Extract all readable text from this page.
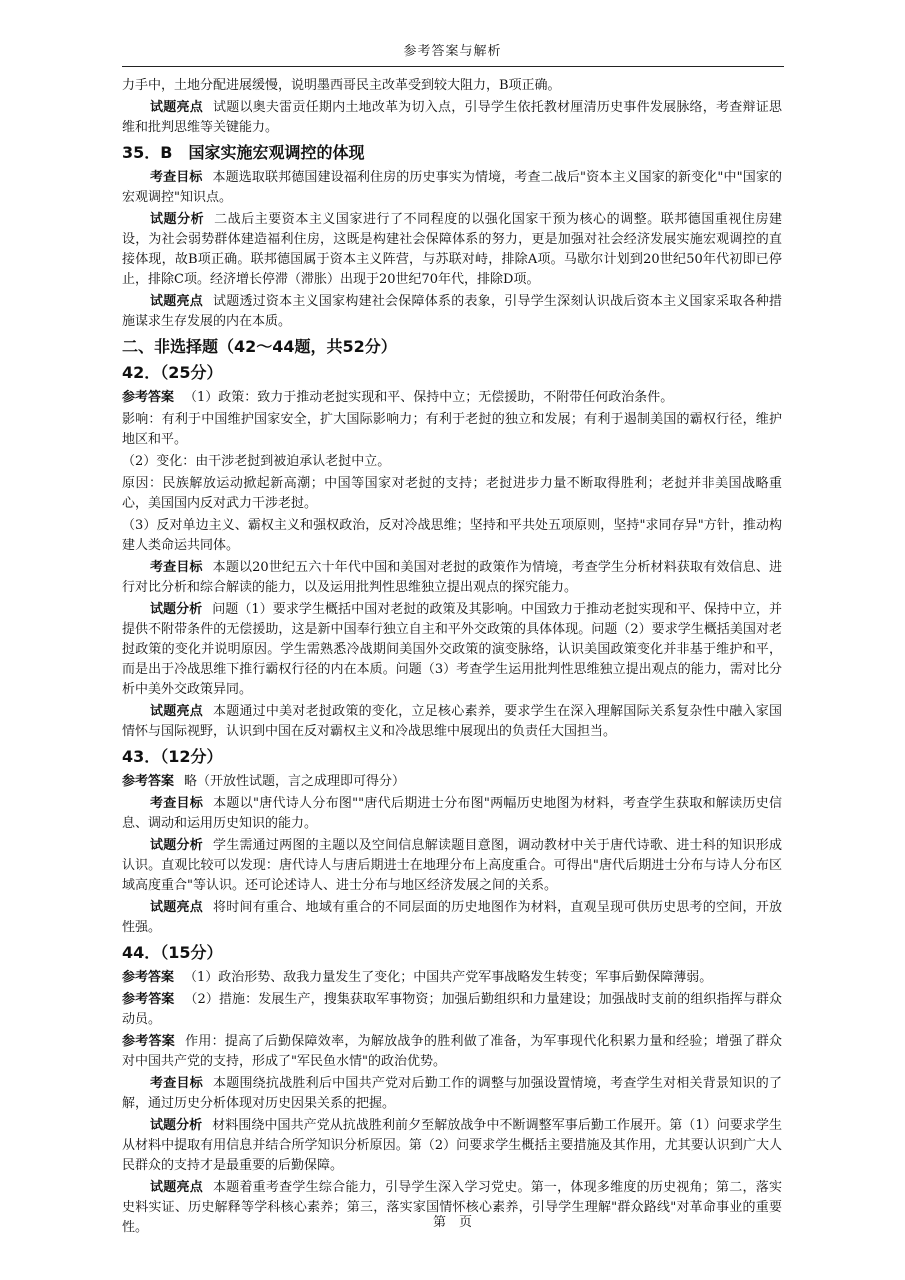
参考答案与解析

力手中，土地分配进展缓慢，说明墨西哥民主改革受到较大阻力，B项正确。

试题亮点 试题以奥夫雷贡任期内土地改革为切入点，引导学生依托教材厘清历史事件发展脉络，考查辩证思维和批判思维等关键能力。

35．B　国家实施宏观调控的体现

考查目标 本题选取联邦德国建设福利住房的历史事实为情境，考查二战后"资本主义国家的新变化"中"国家的宏观调控"知识点。

试题分析 二战后主要资本主义国家进行了不同程度的以强化国家干预为核心的调整。联邦德国重视住房建设，为社会弱势群体建造福利住房，这既是构建社会保障体系的努力，更是加强对社会经济发展实施宏观调控的直接体现，故B项正确。联邦德国属于资本主义阵营，与苏联对峙，排除A项。马歇尔计划到20世纪50年代初即已停止，排除C项。经济增长停滞（滞胀）出现于20世纪70年代，排除D项。

试题亮点 试题透过资本主义国家构建社会保障体系的表象，引导学生深刻认识战后资本主义国家采取各种措施谋求生存发展的内在本质。

二、非选择题（42～44题，共52分）
42．（25分）

参考答案 （1）政策：致力于推动老挝实现和平、保持中立；无偿援助，不附带任何政治条件。

影响：有利于中国维护国家安全，扩大国际影响力；有利于老挝的独立和发展；有利于遏制美国的霸权行径，维护地区和平。

（2）变化：由干涉老挝到被迫承认老挝中立。

原因：民族解放运动掀起新高潮；中国等国家对老挝的支持；老挝进步力量不断取得胜利；老挝并非美国战略重心，美国国内反对武力干涉老挝。

（3）反对单边主义、霸权主义和强权政治，反对冷战思维；坚持和平共处五项原则，坚持"求同存异"方针，推动构建人类命运共同体。

考查目标 本题以20世纪五六十年代中国和美国对老挝的政策作为情境，考查学生分析材料获取有效信息、进行对比分析和综合解读的能力，以及运用批判性思维独立提出观点的探究能力。

试题分析 问题（1）要求学生概括中国对老挝的政策及其影响。中国致力于推动老挝实现和平、保持中立，并提供不附带条件的无偿援助，这是新中国奉行独立自主和平外交政策的具体体现。问题（2）要求学生概括美国对老挝政策的变化并说明原因。学生需熟悉冷战期间美国外交政策的演变脉络，认识美国政策变化并非基于维护和平，而是出于冷战思维下推行霸权行径的内在本质。问题（3）考查学生运用批判性思维独立提出观点的能力，需对比分析中美外交政策异同。

试题亮点 本题通过中美对老挝政策的变化，立足核心素养，要求学生在深入理解国际关系复杂性中融入家国情怀与国际视野，认识到中国在反对霸权主义和冷战思维中展现出的负责任大国担当。

43．（12分）

参考答案 略（开放性试题，言之成理即可得分）

考查目标 本题以"唐代诗人分布图""唐代后期进士分布图"两幅历史地图为材料，考查学生获取和解读历史信息、调动和运用历史知识的能力。

试题分析 学生需通过两图的主题以及空间信息解读题目意图，调动教材中关于唐代诗歌、进士科的知识形成认识。直观比较可以发现：唐代诗人与唐后期进士在地理分布上高度重合。可得出"唐代后期进士分布与诗人分布区域高度重合"等认识。还可论述诗人、进士分布与地区经济发展之间的关系。

试题亮点 将时间有重合、地域有重合的不同层面的历史地图作为材料，直观呈现可供历史思考的空间，开放性强。

44．（15分）

参考答案 （1）政治形势、敌我力量发生了变化；中国共产党军事战略发生转变；军事后勤保障薄弱。

参考答案 （2）措施：发展生产，搜集获取军事物资；加强后勤组织和力量建设；加强战时支前的组织指挥与群众动员。

参考答案 作用：提高了后勤保障效率，为解放战争的胜利做了准备，为军事现代化积累力量和经验；增强了群众对中国共产党的支持，形成了"军民鱼水情"的政治优势。

考查目标 本题围绕抗战胜利后中国共产党对后勤工作的调整与加强设置情境，考查学生对相关背景知识的了解，通过历史分析体现对历史因果关系的把握。

试题分析 材料围绕中国共产党从抗战胜利前夕至解放战争中不断调整军事后勤工作展开。第（1）问要求学生从材料中提取有用信息并结合所学知识分析原因。第（2）问要求学生概括主要措施及其作用，尤其要认识到广大人民群众的支持才是最重要的后勤保障。

试题亮点 本题着重考查学生综合能力，引导学生深入学习党史。第一，体现多维度的历史视角；第二，落实史料实证、历史解释等学科核心素养；第三，落实家国情怀核心素养，引导学生理解"群众路线"对革命事业的重要性。	第　页
